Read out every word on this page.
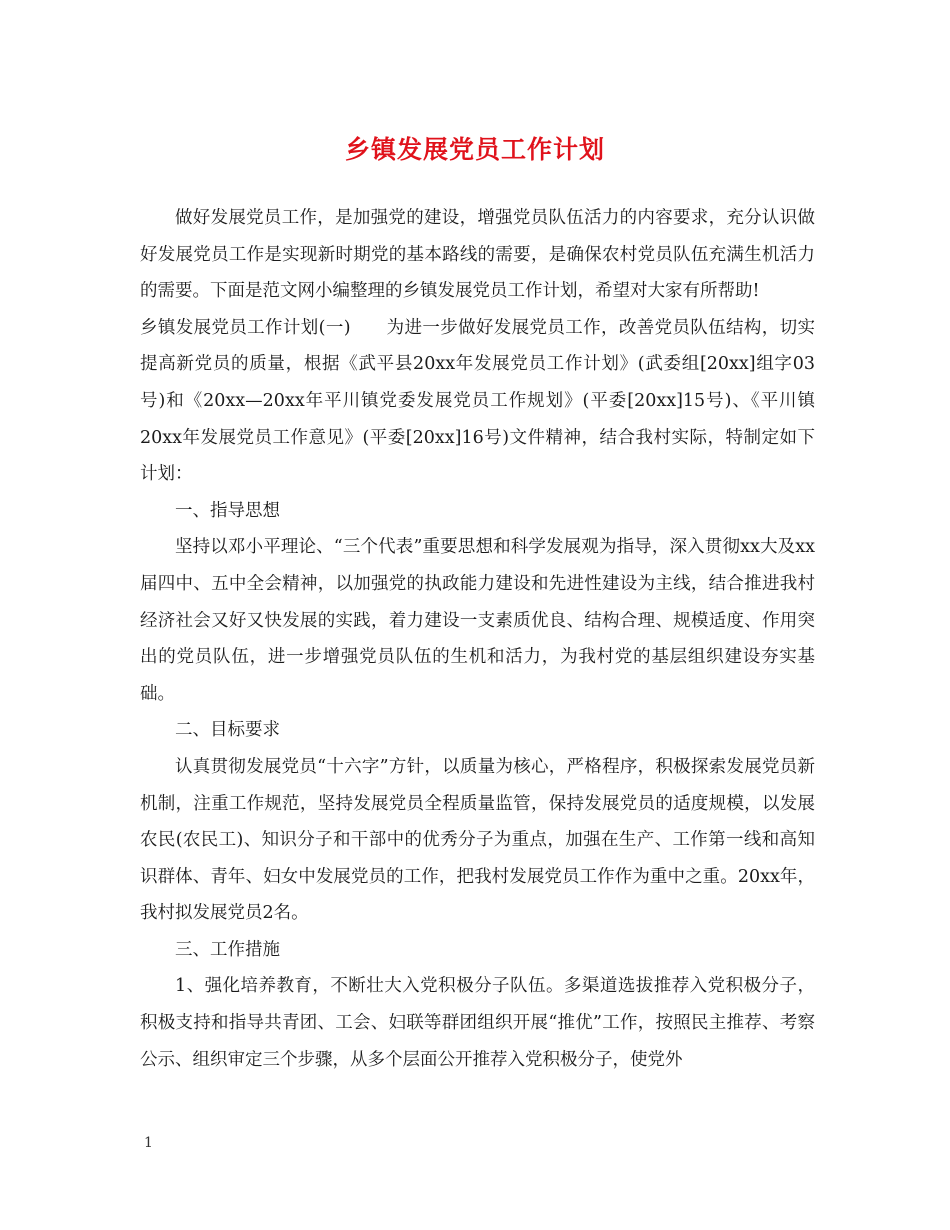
乡镇发展党员工作计划

做好发展党员工作，是加强党的建设，增强党员队伍活力的内容要求，充分认识做好发展党员工作是实现新时期党的基本路线的需要，是确保农村党员队伍充满生机活力的需要。下面是范文网小编整理的乡镇发展党员工作计划，希望对大家有所帮助!

乡镇发展党员工作计划(一)　　为进一步做好发展党员工作，改善党员队伍结构，切实提高新党员的质量，根据《武平县20xx年发展党员工作计划》(武委组[20xx]组字03号)和《20xx—20xx年平川镇党委发展党员工作规划》(平委[20xx]15号)、《平川镇20xx年发展党员工作意见》(平委[20xx]16号)文件精神，结合我村实际，特制定如下计划：

一、指导思想

坚持以邓小平理论、“三个代表”重要思想和科学发展观为指导，深入贯彻xx大及xx届四中、五中全会精神，以加强党的执政能力建设和先进性建设为主线，结合推进我村经济社会又好又快发展的实践，着力建设一支素质优良、结构合理、规模适度、作用突出的党员队伍，进一步增强党员队伍的生机和活力，为我村党的基层组织建设夯实基础。

二、目标要求

认真贯彻发展党员“十六字”方针，以质量为核心，严格程序，积极探索发展党员新机制，注重工作规范，坚持发展党员全程质量监管，保持发展党员的适度规模，以发展农民(农民工)、知识分子和干部中的优秀分子为重点，加强在生产、工作第一线和高知识群体、青年、妇女中发展党员的工作，把我村发展党员工作作为重中之重。20xx年，我村拟发展党员2名。

三、工作措施

1、强化培养教育，不断壮大入党积极分子队伍。多渠道选拔推荐入党积极分子，积极支持和指导共青团、工会、妇联等群团组织开展“推优”工作，按照民主推荐、考察公示、组织审定三个步骤，从多个层面公开推荐入党积极分子，使党外

1
